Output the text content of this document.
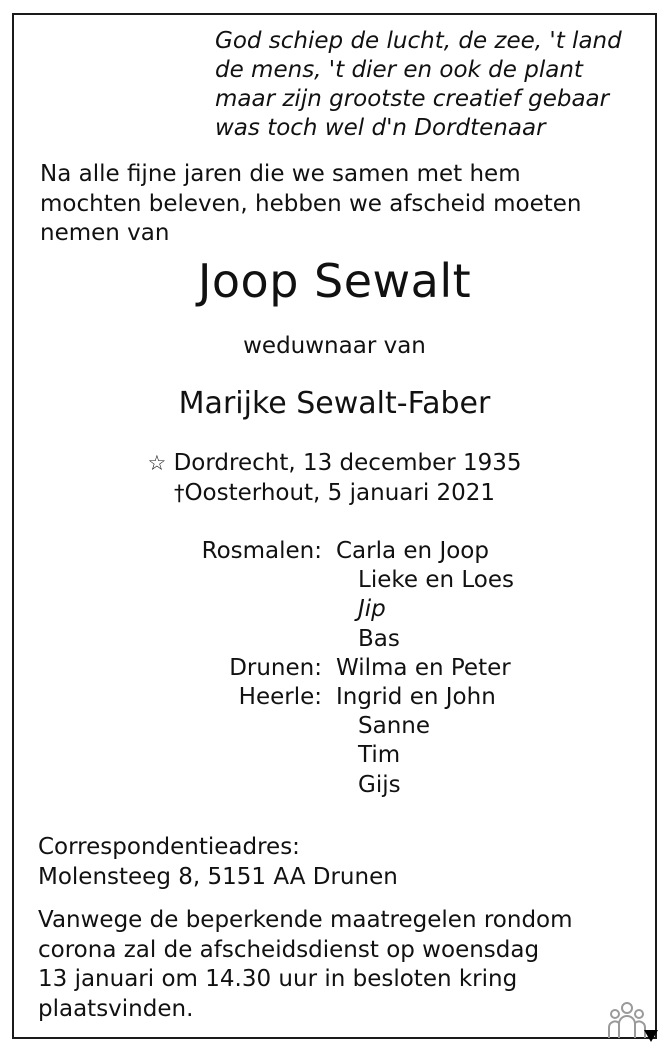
God schiep de lucht, de zee, 't land
de mens, 't dier en ook de plant
maar zijn grootste creatief gebaar
was toch wel d'n Dordtenaar
Na alle fijne jaren die we samen met hem
mochten beleven, hebben we afscheid moeten
nemen van
Joop Sewalt
weduwnaar van
Marijke Sewalt-Faber
☆ Dordrecht, 13 december 1935
†Oosterhout, 5 januari 2021
Rosmalen: Carla en Joop
Lieke en Loes
Jip
Bas
Drunen: Wilma en Peter
Heerle: Ingrid en John
Sanne
Tim
Gijs
Correspondentieadres:
Molensteeg 8, 5151 AA Drunen
Vanwege de beperkende maatregelen rondom
corona zal de afscheidsdienst op woensdag
13 januari om 14.30 uur in besloten kring
plaatsvinden.
